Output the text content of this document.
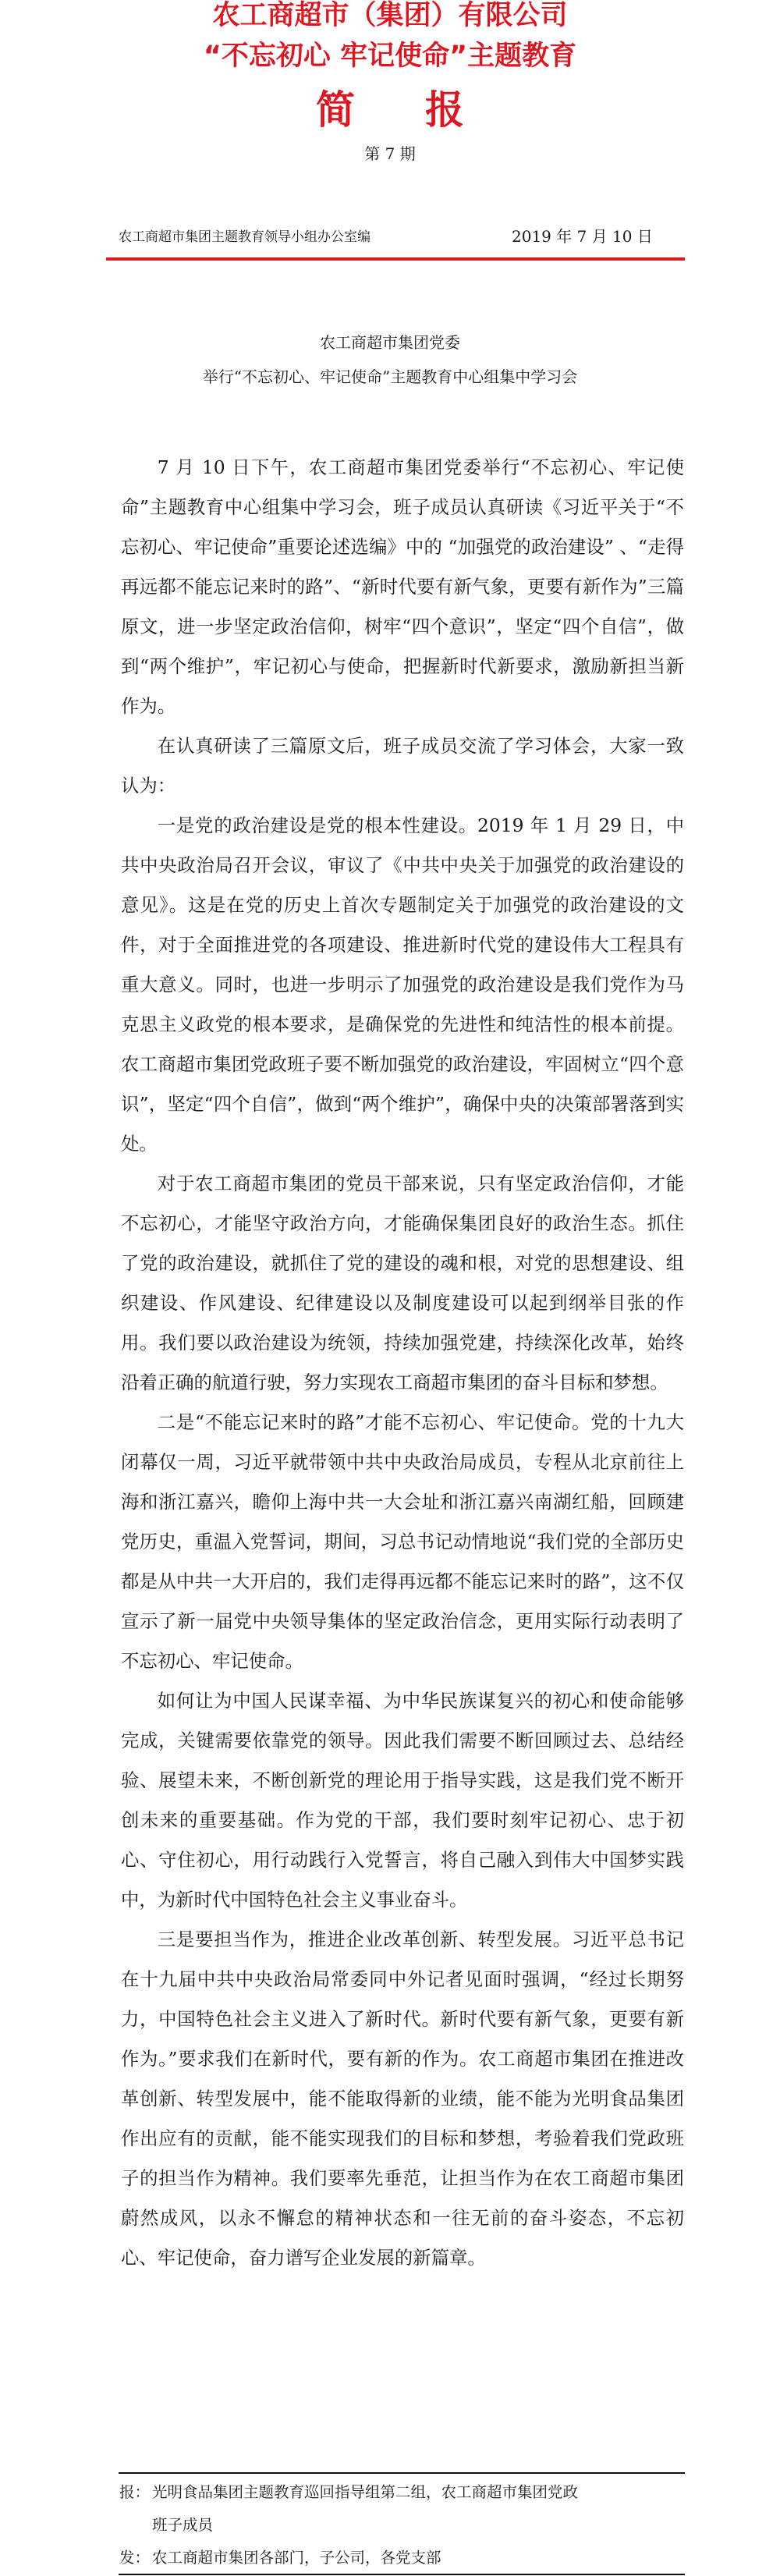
农工商超市（集团）有限公司
“不忘初心 牢记使命”主题教育
简 报
第 7 期
农工商超市集团主题教育领导小组办公室编	2019 年 7 月 10 日
农工商超市集团党委
举行“不忘初心、牢记使命”主题教育中心组集中学习会

7 月 10 日下午，农工商超市集团党委举行“不忘初心、牢记使命”主题教育中心组集中学习会，班子成员认真研读《习近平关于“不忘初心、牢记使命”重要论述选编》中的 “加强党的政治建设” 、“走得再远都不能忘记来时的路”、“新时代要有新气象，更要有新作为”三篇原文，进一步坚定政治信仰，树牢“四个意识”，坚定“四个自信”，做到“两个维护”，牢记初心与使命，把握新时代新要求，激励新担当新作为。

在认真研读了三篇原文后，班子成员交流了学习体会，大家一致认为：

一是党的政治建设是党的根本性建设。2019 年 1 月 29 日，中共中央政治局召开会议，审议了《中共中央关于加强党的政治建设的意见》。这是在党的历史上首次专题制定关于加强党的政治建设的文件，对于全面推进党的各项建设、推进新时代党的建设伟大工程具有重大意义。同时，也进一步明示了加强党的政治建设是我们党作为马克思主义政党的根本要求，是确保党的先进性和纯洁性的根本前提。农工商超市集团党政班子要不断加强党的政治建设，牢固树立“四个意识”，坚定“四个自信”，做到“两个维护”，确保中央的决策部署落到实处。

对于农工商超市集团的党员干部来说，只有坚定政治信仰，才能不忘初心，才能坚守政治方向，才能确保集团良好的政治生态。抓住了党的政治建设，就抓住了党的建设的魂和根，对党的思想建设、组织建设、作风建设、纪律建设以及制度建设可以起到纲举目张的作用。我们要以政治建设为统领，持续加强党建，持续深化改革，始终沿着正确的航道行驶，努力实现农工商超市集团的奋斗目标和梦想。

二是“不能忘记来时的路”才能不忘初心、牢记使命。党的十九大闭幕仅一周，习近平就带领中共中央政治局成员，专程从北京前往上海和浙江嘉兴，瞻仰上海中共一大会址和浙江嘉兴南湖红船，回顾建党历史，重温入党誓词，期间，习总书记动情地说“我们党的全部历史都是从中共一大开启的，我们走得再远都不能忘记来时的路”，这不仅宣示了新一届党中央领导集体的坚定政治信念，更用实际行动表明了不忘初心、牢记使命。

如何让为中国人民谋幸福、为中华民族谋复兴的初心和使命能够完成，关键需要依靠党的领导。因此我们需要不断回顾过去、总结经验、展望未来，不断创新党的理论用于指导实践，这是我们党不断开创未来的重要基础。作为党的干部，我们要时刻牢记初心、忠于初心、守住初心，用行动践行入党誓言，将自己融入到伟大中国梦实践中，为新时代中国特色社会主义事业奋斗。

三是要担当作为，推进企业改革创新、转型发展。习近平总书记在十九届中共中央政治局常委同中外记者见面时强调，“经过长期努力，中国特色社会主义进入了新时代。新时代要有新气象，更要有新作为。”要求我们在新时代，要有新的作为。农工商超市集团在推进改革创新、转型发展中，能不能取得新的业绩，能不能为光明食品集团作出应有的贡献，能不能实现我们的目标和梦想，考验着我们党政班子的担当作为精神。我们要率先垂范，让担当作为在农工商超市集团蔚然成风，以永不懈怠的精神状态和一往无前的奋斗姿态，不忘初心、牢记使命，奋力谱写企业发展的新篇章。

报： 光明食品集团主题教育巡回指导组第二组，农工商超市集团党政
班子成员
发： 农工商超市集团各部门，子公司，各党支部
